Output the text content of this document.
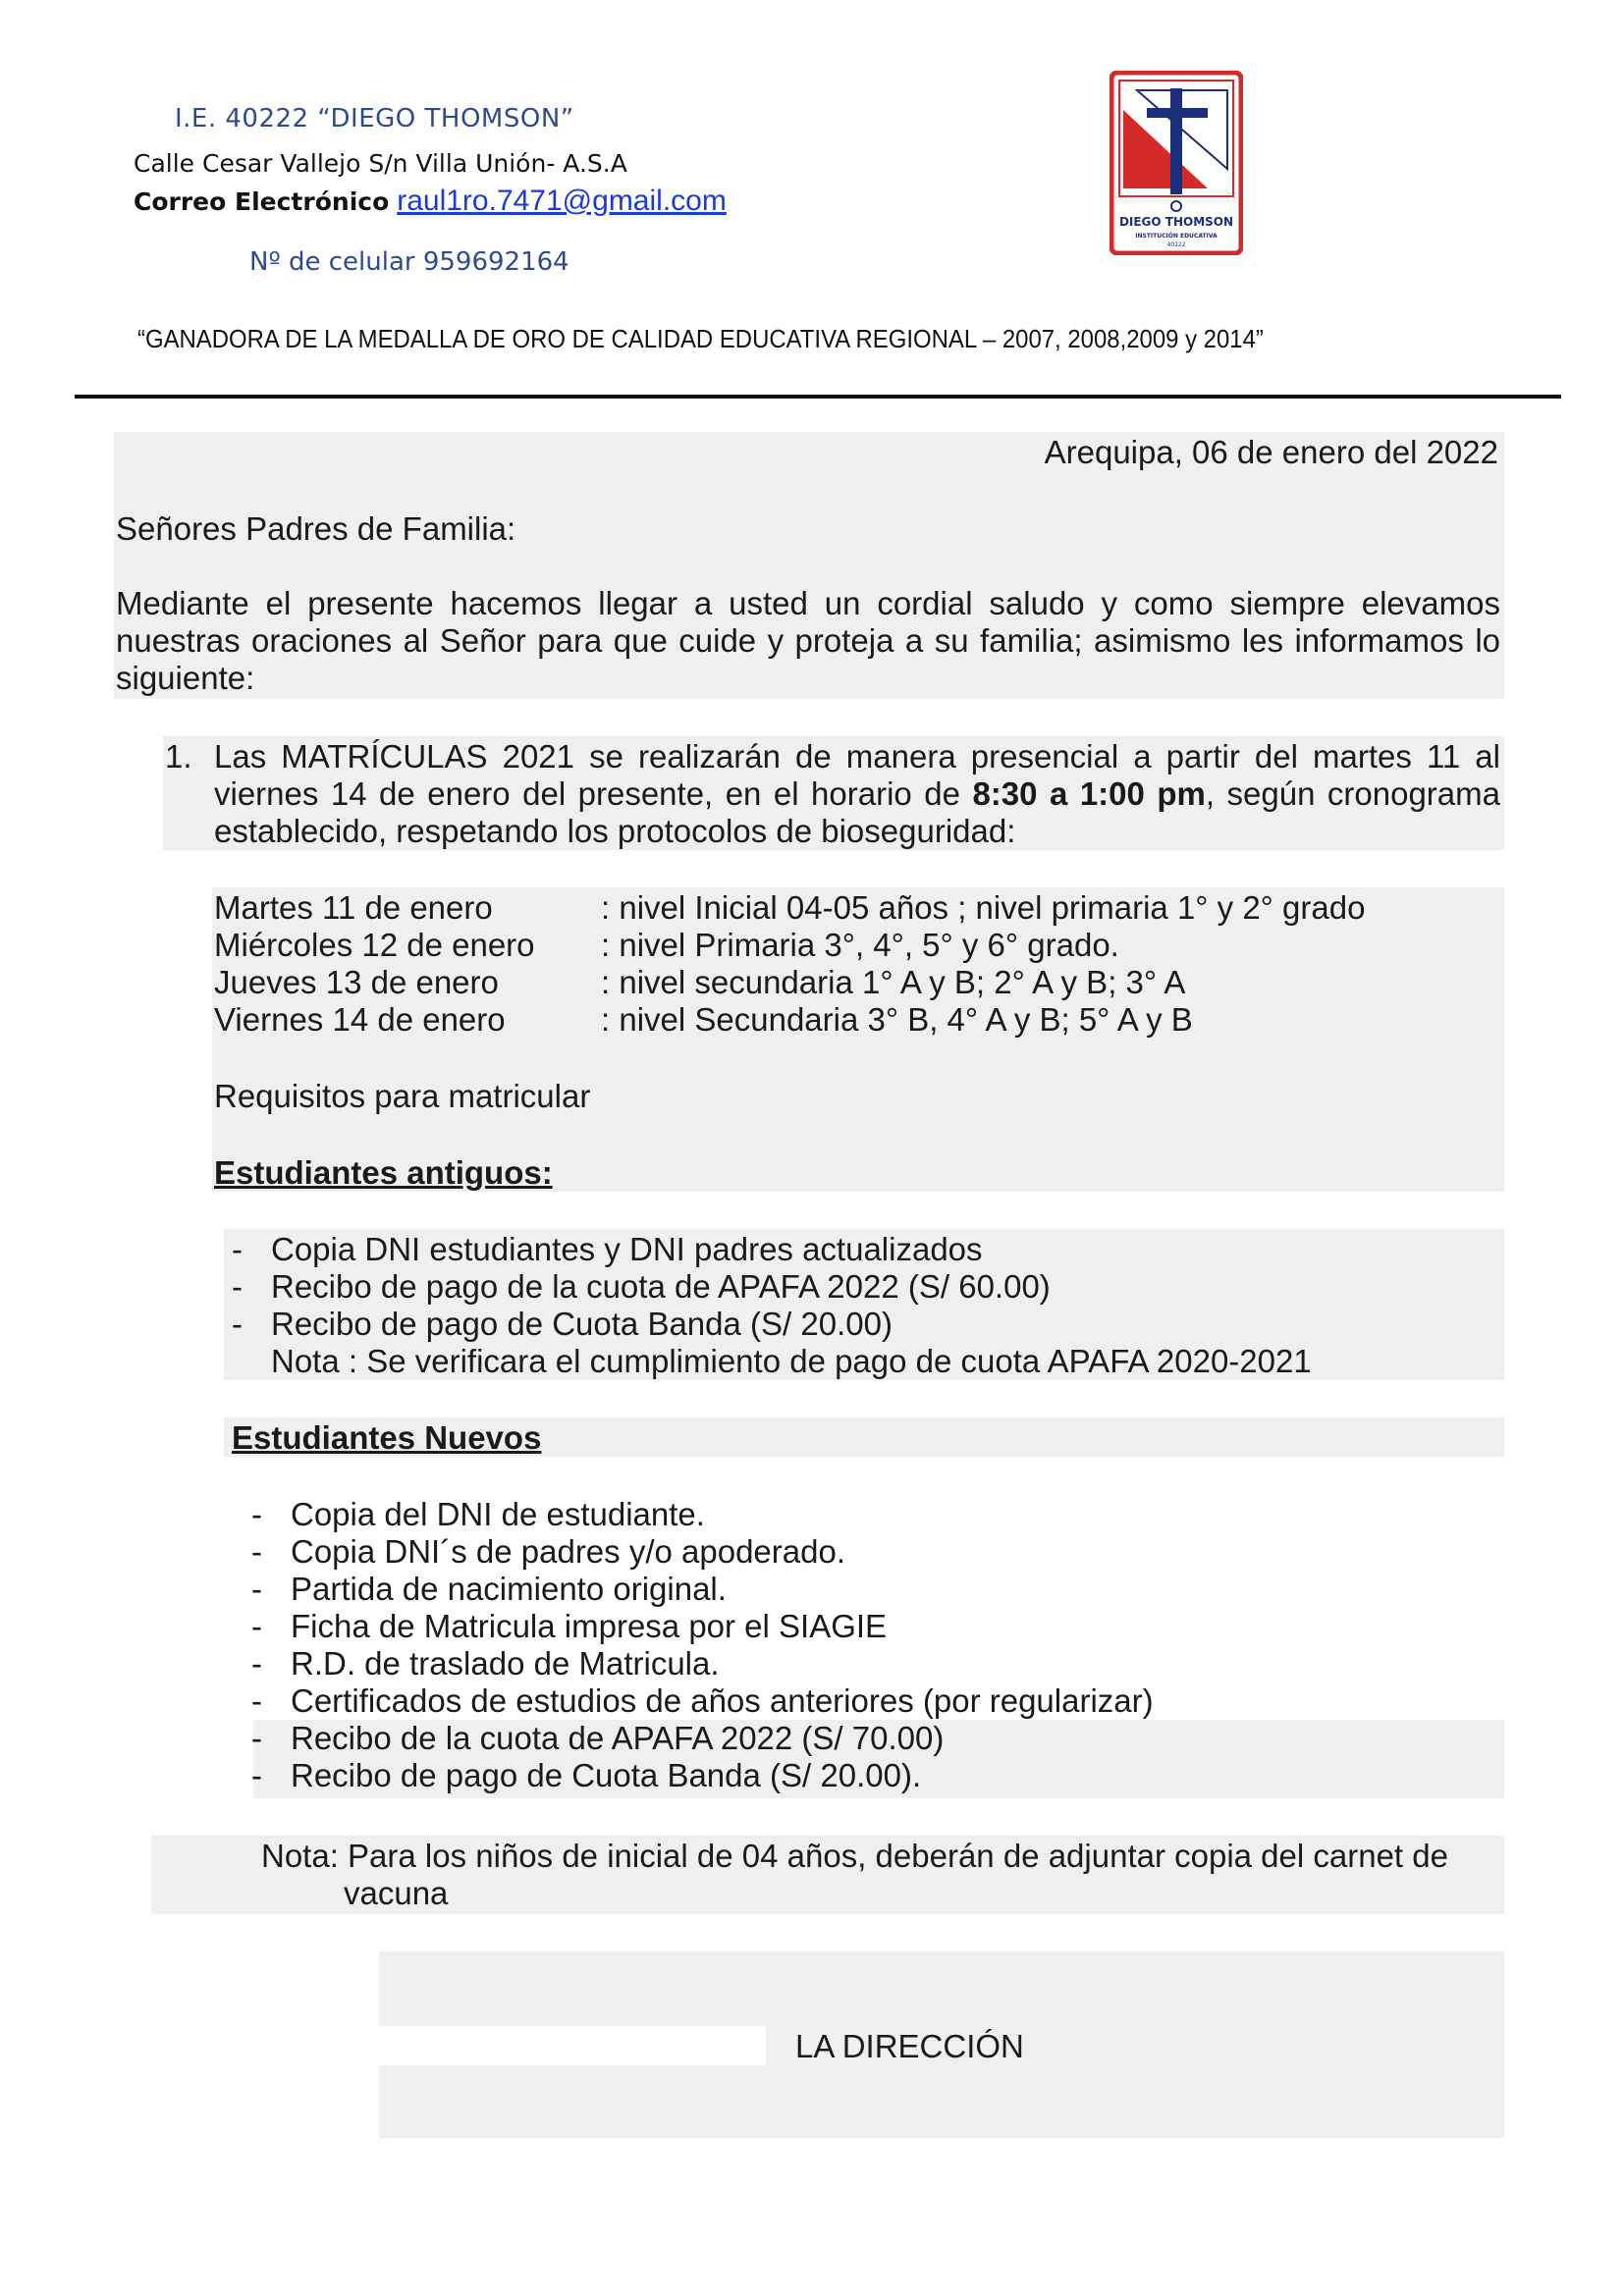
I.E. 40222 “DIEGO THOMSON”
Calle Cesar Vallejo S/n Villa Unión- A.S.A
Correo Electrónico raul1ro.7471@gmail.com
Nº de celular 959692164
“GANADORA DE LA MEDALLA DE ORO DE CALIDAD EDUCATIVA REGIONAL – 2007, 2008,2009 y 2014”
DIEGO THOMSON
INSTITUCIÓN EDUCATIVA
40222
Arequipa, 06 de enero del 2022
Señores Padres de Familia:
Mediante el presente hacemos llegar a usted un cordial saludo y como siempre elevamos nuestras oraciones al Señor para que cuide y proteja a su familia; asimismo les informamos lo siguiente:
1. Las MATRÍCULAS 2021 se realizarán de manera presencial a partir del martes 11 al viernes 14 de enero del presente, en el horario de 8:30 a 1:00 pm, según cronograma establecido, respetando los protocolos de bioseguridad:
Martes 11 de enero	: nivel Inicial 04-05 años ; nivel primaria 1° y 2° grado
Miércoles 12 de enero : nivel Primaria 3°, 4°, 5° y 6° grado.
Jueves 13 de enero	: nivel secundaria 1° A y B; 2° A y B; 3° A
Viernes 14 de enero	: nivel Secundaria 3° B, 4° A y B; 5° A y B
Requisitos para matricular
Estudiantes antiguos:
- Copia DNI estudiantes y DNI padres actualizados
- Recibo de pago de la cuota de APAFA 2022 (S/ 60.00)
- Recibo de pago de Cuota Banda (S/ 20.00)
Nota : Se verificara el cumplimiento de pago de cuota APAFA 2020-2021
Estudiantes Nuevos
- Copia del DNI de estudiante.
- Copia DNI´s de padres y/o apoderado.
- Partida de nacimiento original.
- Ficha de Matricula impresa por el SIAGIE
- R.D. de traslado de Matricula.
- Certificados de estudios de años anteriores (por regularizar)
- Recibo de la cuota de APAFA 2022 (S/ 70.00)
- Recibo de pago de Cuota Banda (S/ 20.00).
Nota: Para los niños de inicial de 04 años, deberán de adjuntar copia del carnet de
vacuna
LA DIRECCIÓN
